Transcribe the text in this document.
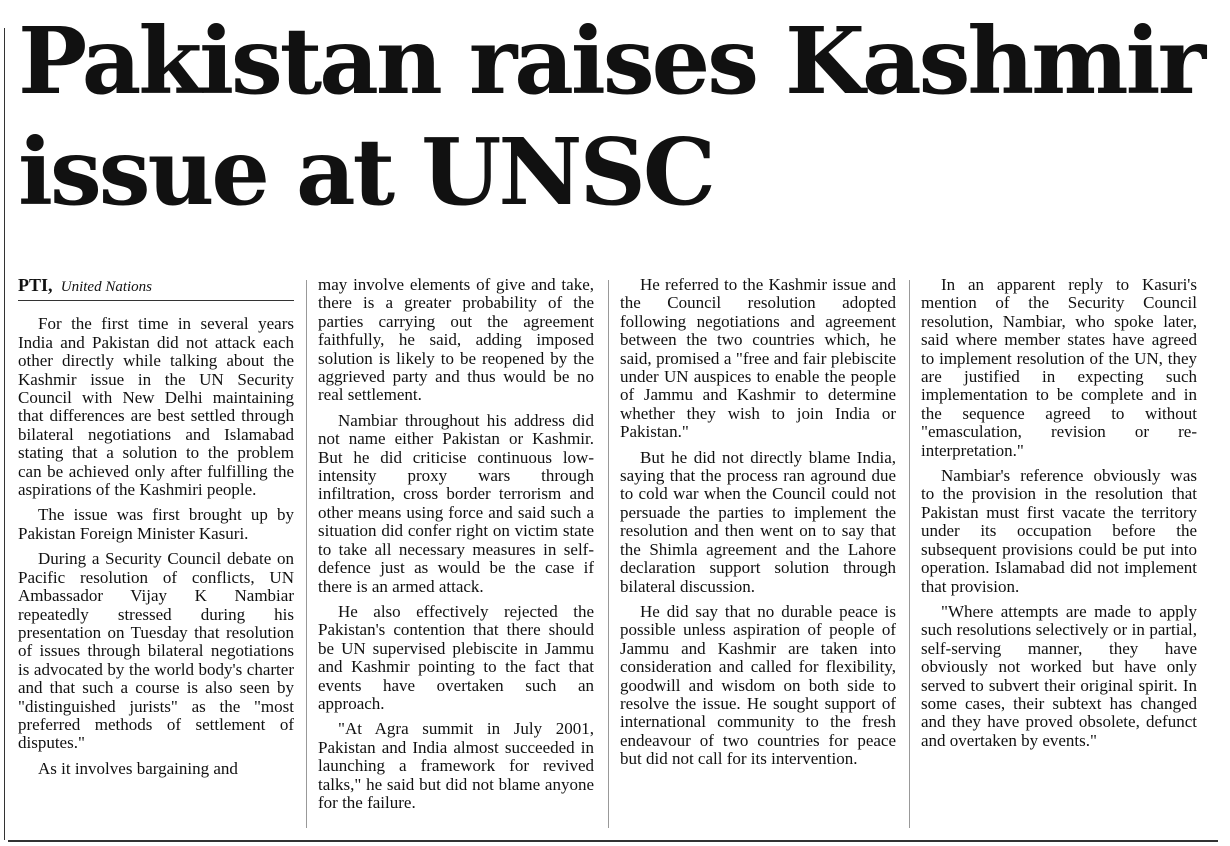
Pakistan raises Kashmir
issue at UNSC
PTI, United Nations

For the first time in several years India and Pakistan did not attack each other directly while talking about the Kashmir issue in the UN Security Council with New Delhi maintaining that differences are best settled through bilateral negotiations and Islamabad stating that a solution to the problem can be achieved only after fulfilling the aspirations of the Kashmiri people.

The issue was first brought up by Pakistan Foreign Minister Kasuri.

During a Security Council debate on Pacific resolution of conflicts, UN Ambassador Vijay K Nambiar repeatedly stressed during his presentation on Tuesday that resolution of issues through bilateral negotiations is advocated by the world body's charter and that such a course is also seen by "distinguished jurists" as the "most preferred methods of settlement of disputes."

As it involves bargaining and

may involve elements of give and take, there is a greater probability of the parties carrying out the agreement faithfully, he said, adding imposed solution is likely to be reopened by the aggrieved party and thus would be no real settlement.

Nambiar throughout his address did not name either Pakistan or Kashmir. But he did criticise continuous low-intensity proxy wars through infiltration, cross border terrorism and other means using force and said such a situation did confer right on victim state to take all necessary measures in self-defence just as would be the case if there is an armed attack.

He also effectively rejected the Pakistan's contention that there should be UN supervised plebiscite in Jammu and Kashmir pointing to the fact that events have overtaken such an approach.

"At Agra summit in July 2001, Pakistan and India almost succeeded in launching a framework for revived talks," he said but did not blame anyone for the failure.

He referred to the Kashmir issue and the Council resolution adopted following negotiations and agreement between the two countries which, he said, promised a "free and fair plebiscite under UN auspices to enable the people of Jammu and Kashmir to determine whether they wish to join India or Pakistan."

But he did not directly blame India, saying that the process ran aground due to cold war when the Council could not persuade the parties to implement the resolution and then went on to say that the Shimla agreement and the Lahore declaration support solution through bilateral discussion.

He did say that no durable peace is possible unless aspiration of people of Jammu and Kashmir are taken into consideration and called for flexibility, goodwill and wisdom on both side to resolve the issue. He sought support of international community to the fresh endeavour of two countries for peace but did not call for its intervention.

In an apparent reply to Kasuri's mention of the Security Council resolution, Nambiar, who spoke later, said where member states have agreed to implement resolution of the UN, they are justified in expecting such implementation to be complete and in the sequence agreed to without "emasculation, revision or re-interpretation."

Nambiar's reference obviously was to the provision in the resolution that Pakistan must first vacate the territory under its occupation before the subsequent provisions could be put into operation. Islamabad did not implement that provision.

"Where attempts are made to apply such resolutions selectively or in partial, self-serving manner, they have obviously not worked but have only served to subvert their original spirit. In some cases, their subtext has changed and they have proved obsolete, defunct and overtaken by events."
